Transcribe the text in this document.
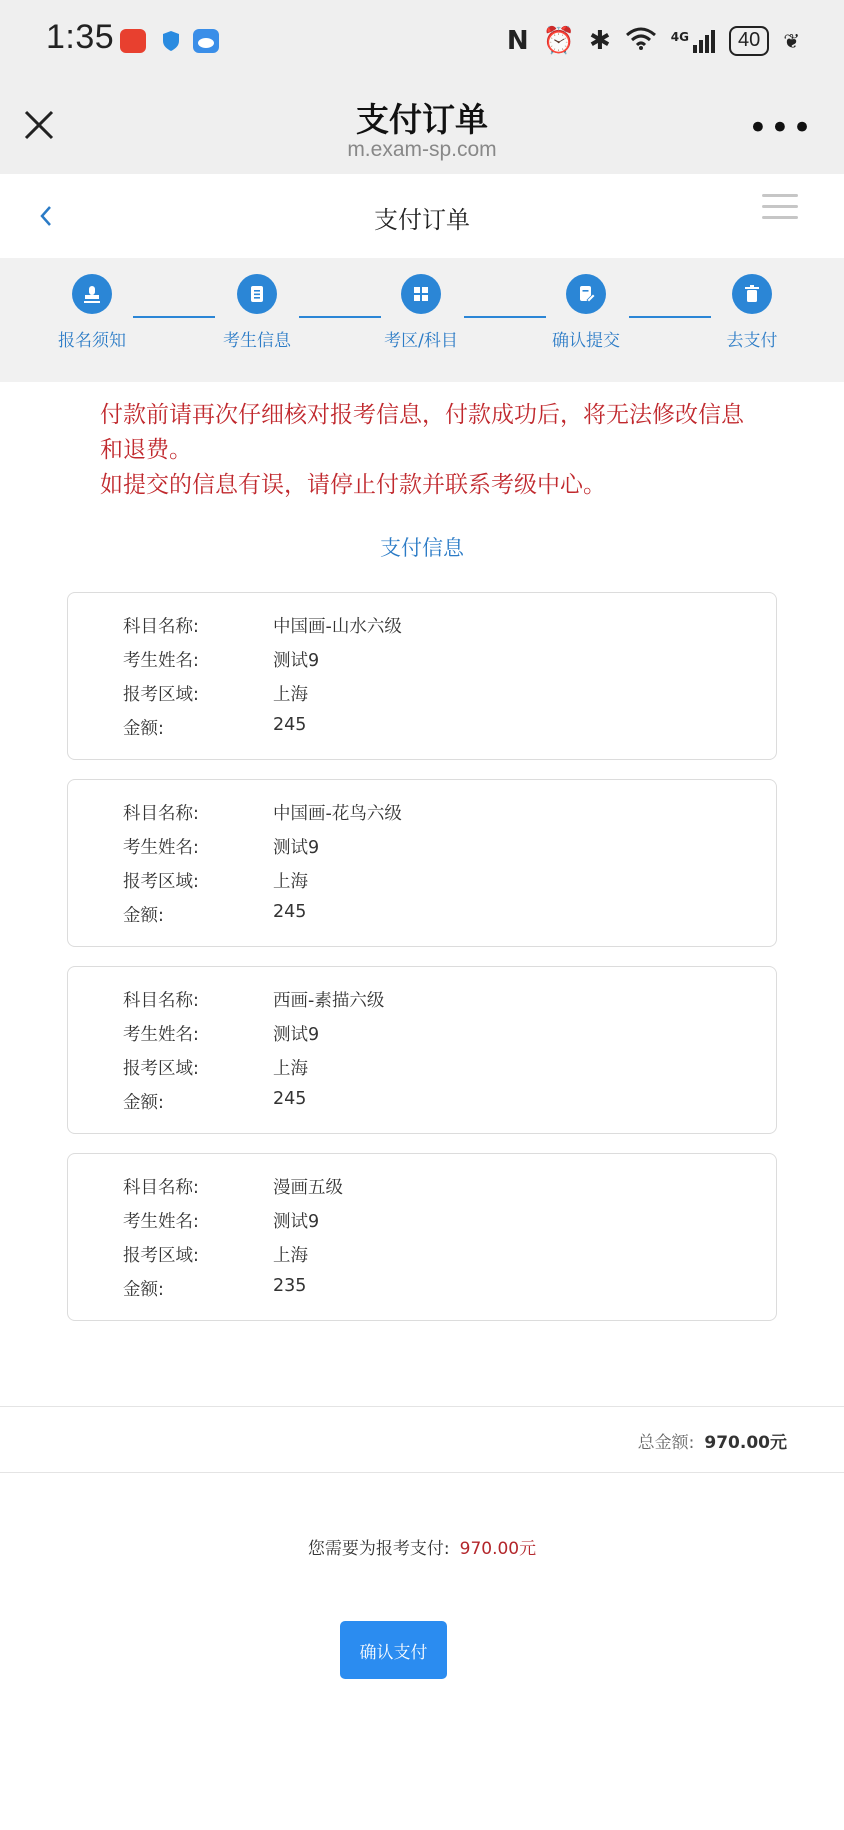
1:35	N ⏰ ✱	4G	40	❦
支付订单
m.exam-sp.com
•••
支付订单
报名须知	考生信息	考区/科目	确认提交	去支付
付款前请再次仔细核对报考信息，付款成功后，将无法修改信息和退费。
如提交的信息有误，请停止付款并联系考级中心。
支付信息
科目名称:	中国画-山水六级
考生姓名:	测试9
报考区域:	上海
金额:	245
科目名称:	中国画-花鸟六级
考生姓名:	测试9
报考区域:	上海
金额:	245
科目名称:	西画-素描六级
考生姓名:	测试9
报考区域:	上海
金额:	245
科目名称:	漫画五级
考生姓名:	测试9
报考区域:	上海
金额:	235
总金额: 970.00元
您需要为报考支付: 970.00元
确认支付
